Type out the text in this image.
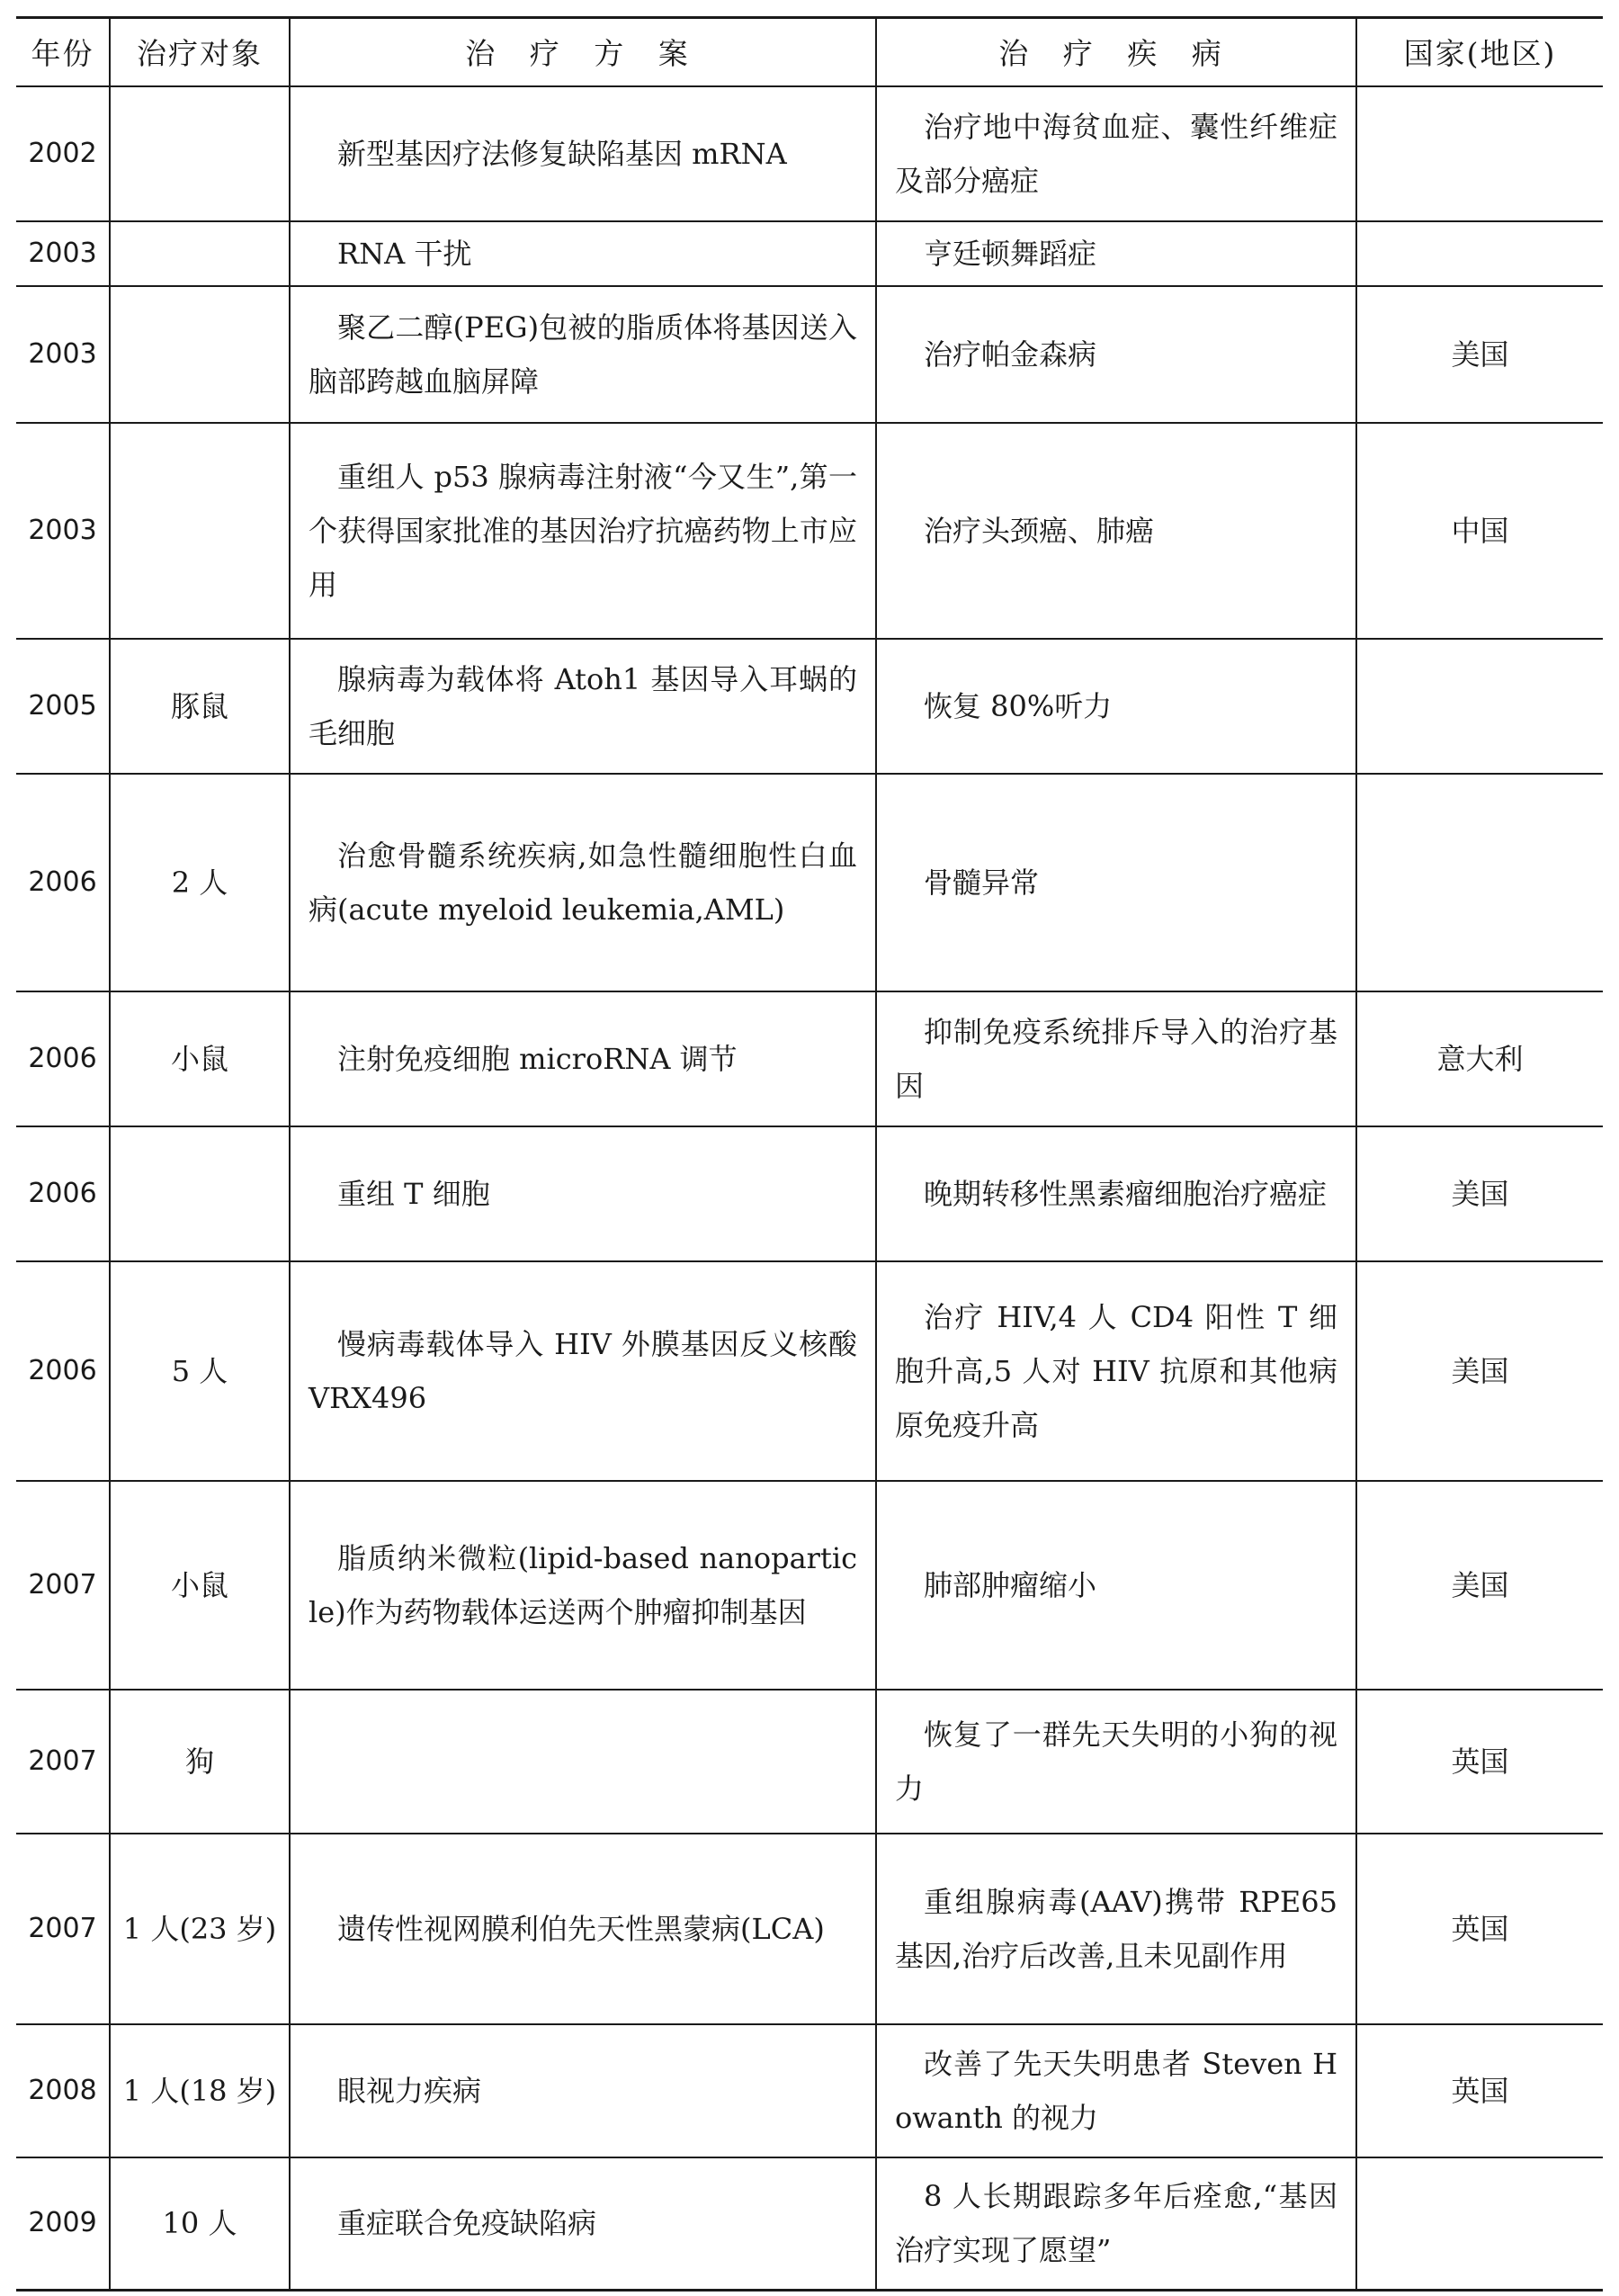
年份	治疗对象	治 疗 方 案	治 疗 疾 病	国家(地区)
2002		新型基因疗法修复缺陷基因 mRNA	治疗地中海贫血症、囊性纤维症及部分癌症	
2003		RNA 干扰	亨廷顿舞蹈症	
2003		聚乙二醇(PEG)包被的脂质体将基因送入脑部跨越血脑屏障	治疗帕金森病	美国
2003		重组人 p53 腺病毒注射液“今又生”,第一个获得国家批准的基因治疗抗癌药物上市应用	治疗头颈癌、肺癌	中国
2005	豚鼠	腺病毒为载体将 Atoh1 基因导入耳蜗的毛细胞	恢复 80%听力	
2006	2 人	治愈骨髓系统疾病,如急性髓细胞性白血病(acute myeloid leukemia,AML)	骨髓异常	
2006	小鼠	注射免疫细胞 microRNA 调节	抑制免疫系统排斥导入的治疗基因	意大利
2006		重组 T 细胞	晚期转移性黑素瘤细胞治疗癌症	美国
2006	5 人	慢病毒载体导入 HIV 外膜基因反义核酸 VRX496	治疗 HIV,4 人 CD4 阳性 T 细胞升高,5 人对 HIV 抗原和其他病原免疫升高	美国
2007	小鼠	脂质纳米微粒(lipid-based nanoparticle)作为药物载体运送两个肿瘤抑制基因	肺部肿瘤缩小	美国
2007	狗		恢复了一群先天失明的小狗的视力	英国
2007	1 人(23 岁)	遗传性视网膜利伯先天性黑蒙病(LCA)	重组腺病毒(AAV)携带 RPE65 基因,治疗后改善,且未见副作用	英国
2008	1 人(18 岁)	眼视力疾病	改善了先天失明患者 Steven Howanth 的视力	英国
2009	10 人	重症联合免疫缺陷病	8 人长期跟踪多年后痊愈,“基因治疗实现了愿望”	
